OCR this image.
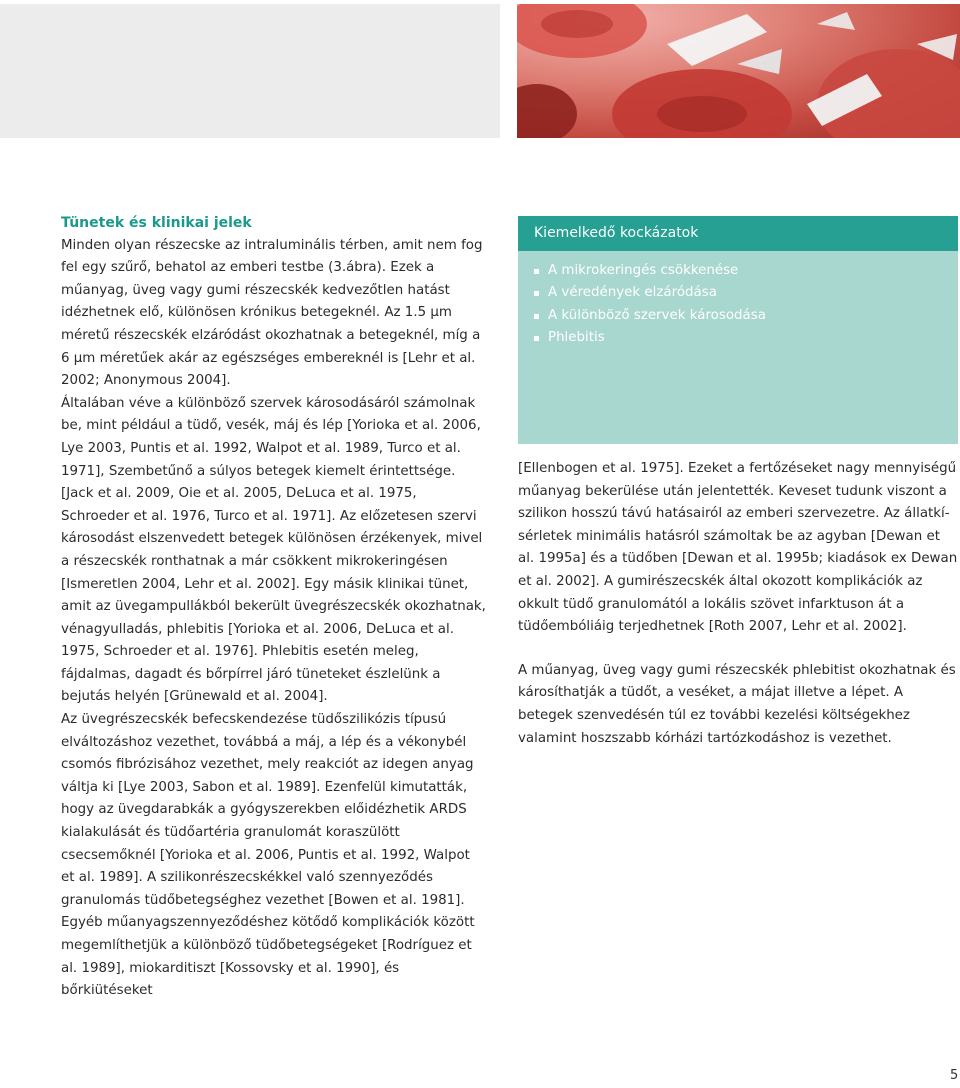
Tünetek és klinikai jelek

Minden olyan részecske az intraluminális térben, amit nem fog fel egy szűrő, behatol az emberi testbe (3.ábra). Ezek a műanyag, üveg vagy gumi részecskék kedvezőtlen hatást idézhetnek elő, különösen krónikus betegeknél. Az 1.5 µm méretű részecskék elzáródást okozhatnak a betegeknél, míg a 6 µm méretűek akár az egészséges embereknél is [Lehr et al. 2002; Anonymous 2004].

Általában véve a különböző szervek károsodásáról számolnak be, mint például a tüdő, vesék, máj és lép [Yorioka et al. 2006, Lye 2003, Puntis et al. 1992, Walpot et al. 1989, Turco et al. 1971], Szembetűnő a súlyos betegek kiemelt érintettsége. [Jack et al. 2009, Oie et al. 2005, DeLuca et al. 1975, Schroeder et al. 1976, Turco et al. 1971]. Az előzetesen szervi károsodást elszenvedett betegek különösen érzékenyek, mivel a részecskék ronthatnak a már csökkent mikrokeringésen [Ismeretlen 2004, Lehr et al. 2002]. Egy másik klinikai tünet, amit az üvegampullákból bekerült üvegrészecskék okozhatnak, vénagyulladás, phlebitis [Yorioka et al. 2006, DeLuca et al. 1975, Schroeder et al. 1976]. Phlebitis esetén meleg, fájdalmas, dagadt és bőrpírrel járó tüneteket észlelünk a bejutás helyén [Grünewald et al. 2004].

Az üvegrészecskék befecskendezése tüdőszilikózis típusú elváltozáshoz vezethet, továbbá a máj, a lép és a vékonybél csomós fibrózisához vezethet, mely reakciót az idegen anyag váltja ki [Lye 2003, Sabon et al. 1989]. Ezenfelül kimutatták, hogy az üvegdarabkák a gyógyszerekben előidézhetik ARDS kialakulását és tüdőartéria granulomát koraszülött csecsemőknél [Yorioka et al. 2006, Puntis et al. 1992, Walpot et al. 1989]. A szilikonrészecskékkel való szennyeződés granulomás tüdőbetegséghez vezethet [Bowen et al. 1981]. Egyéb műanyagszennyeződéshez kötődő komplikációk között megemlíthetjük a különböző tüdőbetegségeket [Rodríguez et al. 1989], miokarditiszt [Kossovsky et al. 1990], és bőrkiütéseket

Kiemelkedő kockázatok
A mikrokeringés csökkenése
A véredények elzáródása
A különböző szervek károsodása
Phlebitis

[Ellenbogen et al. 1975]. Ezeket a fertőzéseket nagy mennyiségű műanyag bekerülése után jelentették. Keveset tudunk viszont a szilikon hosszú távú hatásairól az emberi szervezetre. Az állatkísérletek minimális hatásról számoltak be az agyban [Dewan et al. 1995a] és a tüdőben [Dewan et al. 1995b; kiadások ex Dewan et al. 2002]. A gumirészecskék által okozott komplikációk az okkult tüdő granulomától a lokális szövet infarktuson át a tüdőembóliáig terjedhetnek [Roth 2007, Lehr et al. 2002].

A műanyag, üveg vagy gumi részecskék phlebitist okozhatnak és károsíthatják a tüdőt, a veséket, a májat illetve a lépet. A betegek szenvedésén túl ez további kezelési költségekhez valamint hoszszabb kórházi tartózkodáshoz is vezethet.

5
